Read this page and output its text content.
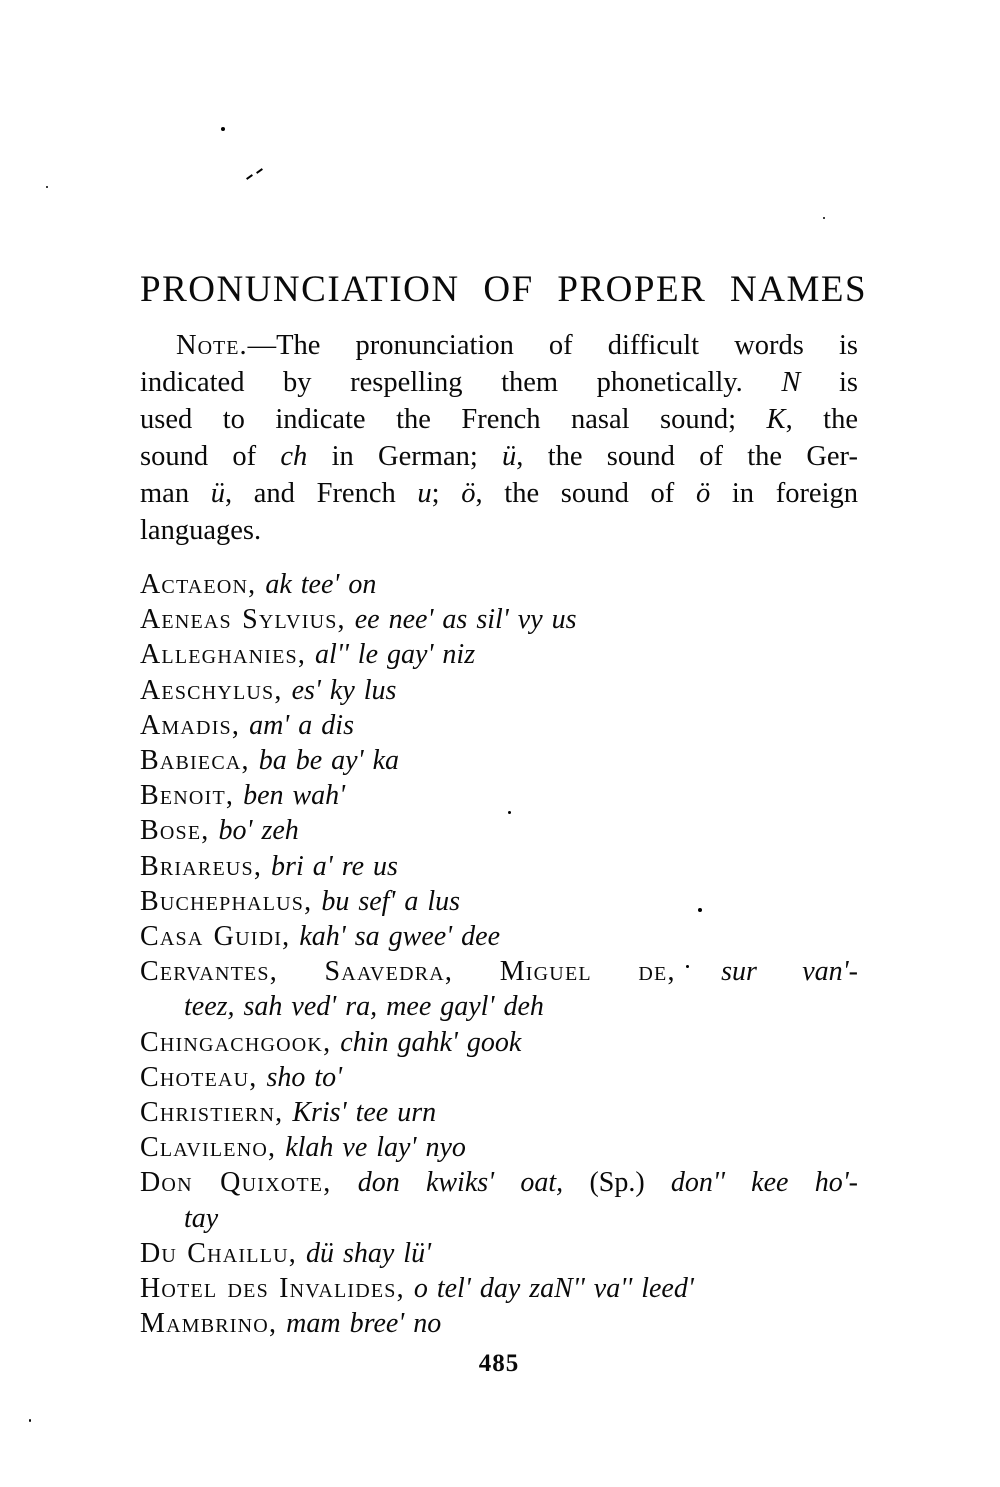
PRONUNCIATION OF PROPER NAMES
Note.—The pronunciation of difficult words is
indicated by respelling them phonetically. N is
used to indicate the French nasal sound; K, the
sound of ch in German; ü, the sound of the Ger-
man ü, and French u; ö, the sound of ö in foreign
languages.
Actaeon, ak tee' on
Aeneas Sylvius, ee nee' as sil' vy us
Alleghanies, al'' le gay' niz
Aeschylus, es' ky lus
Amadis, am' a dis
Babieca, ba be ay' ka
Benoit, ben wah'
Bose, bo' zeh
Briareus, bri a' re us
Buchephalus, bu sef' a lus
Casa Guidi, kah' sa gwee' dee
Cervantes, Saavedra, Miguel de, sur van'-
teez, sah ved' ra, mee gayl' deh
Chingachgook, chin gahk' gook
Choteau, sho to'
Christiern, Kris' tee urn
Clavileno, klah ve lay' nyo
Don Quixote, don kwiks' oat, (Sp.) don'' kee ho'-
tay
Du Chaillu, dü shay lü'
Hotel des Invalides, o tel' day zaN'' va'' leed'
Mambrino, mam bree' no
485
